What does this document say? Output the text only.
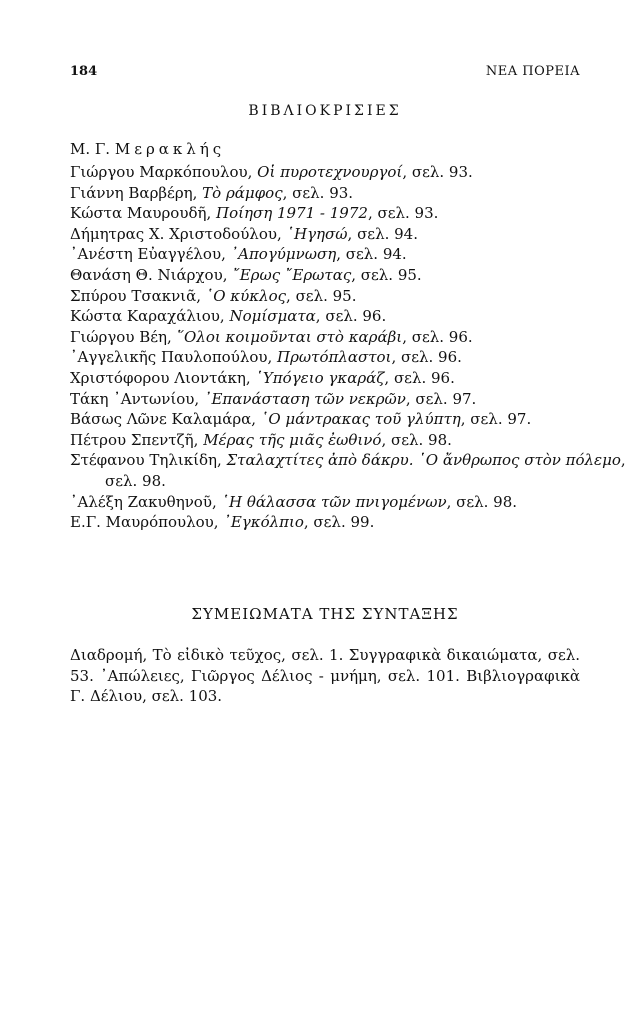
184	ΝΕΑ ΠΟΡΕΙΑ
ΒΙΒΛΙΟΚΡΙΣΙΕΣ
Μ. Γ. Μερακλής
Γιώργου Μαρκόπουλου, Οἱ πυροτεχνουργοί, σελ. 93.
Γιάννη Βαρβέρη, Τὸ ράμφος, σελ. 93.
Κώστα Μαυρουδῆ, Ποίηση 1971 - 1972, σελ. 93.
Δήμητρας Χ. Χριστοδούλου, ῾Ηγησώ, σελ. 94.
᾿Ανέστη Εὐαγγέλου, ᾿Απογύμνωση, σελ. 94.
Θανάση Θ. Νιάρχου, ῎Ερως ῎Ερωτας, σελ. 95.
Σπύρου Τσακνιᾶ, ῾Ο κύκλος, σελ. 95.
Κώστα Καραχάλιου, Νομίσματα, σελ. 96.
Γιώργου Βέη, ῞Ολοι κοιμοῦνται στὸ καράβι, σελ. 96.
᾿Αγγελικῆς Παυλοπούλου, Πρωτόπλαστοι, σελ. 96.
Χριστόφορου Λιοντάκη, ῾Υπόγειο γκαράζ, σελ. 96.
Τάκη ᾿Αντωνίου, ᾿Επανάσταση τῶν νεκρῶν, σελ. 97.
Βάσως Λῶνε Καλαμάρα, ῾Ο μάντρακας τοῦ γλύπτη, σελ. 97.
Πέτρου Σπεντζῆ, Μέρας τῆς μιᾶς ἐωθινό, σελ. 98.
Στέφανου Τηλικίδη, Σταλαχτίτες ἀπὸ δάκρυ. ῾Ο ἄνθρωπος στὸν πόλεμο,
σελ. 98.
᾿Αλέξη Ζακυθηνοῦ, ῾Η θάλασσα τῶν πνιγομένων, σελ. 98.
Ε.Γ. Μαυρόπουλου, ᾿Εγκόλπιο, σελ. 99.
ΣΥΜΕΙΩΜΑΤΑ ΤΗΣ ΣΥΝΤΑΞΗΣ

Διαδρομή, Τὸ εἰδικὸ τεῦχος, σελ. 1. Συγγραφικὰ δικαιώματα, σελ. 53. ᾿Απώλειες, Γιῶργος Δέλιος - μνήμη, σελ. 101. Βιβλιογραφικὰ Γ. Δέλιου, σελ. 103.
